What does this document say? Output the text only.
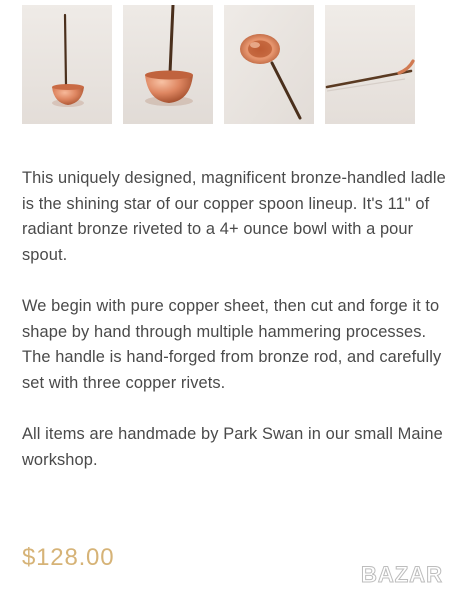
This uniquely designed, magnificent bronze-handled ladle is the shining star of our copper spoon lineup. It's 11" of radiant bronze riveted to a 4+ ounce bowl with a pour spout.

We begin with pure copper sheet, then cut and forge it to shape by hand through multiple hammering processes. The handle is hand-forged from bronze rod, and carefully set with three copper rivets.

All items are handmade by Park Swan in our small Maine workshop.

$128.00
BAZAR
